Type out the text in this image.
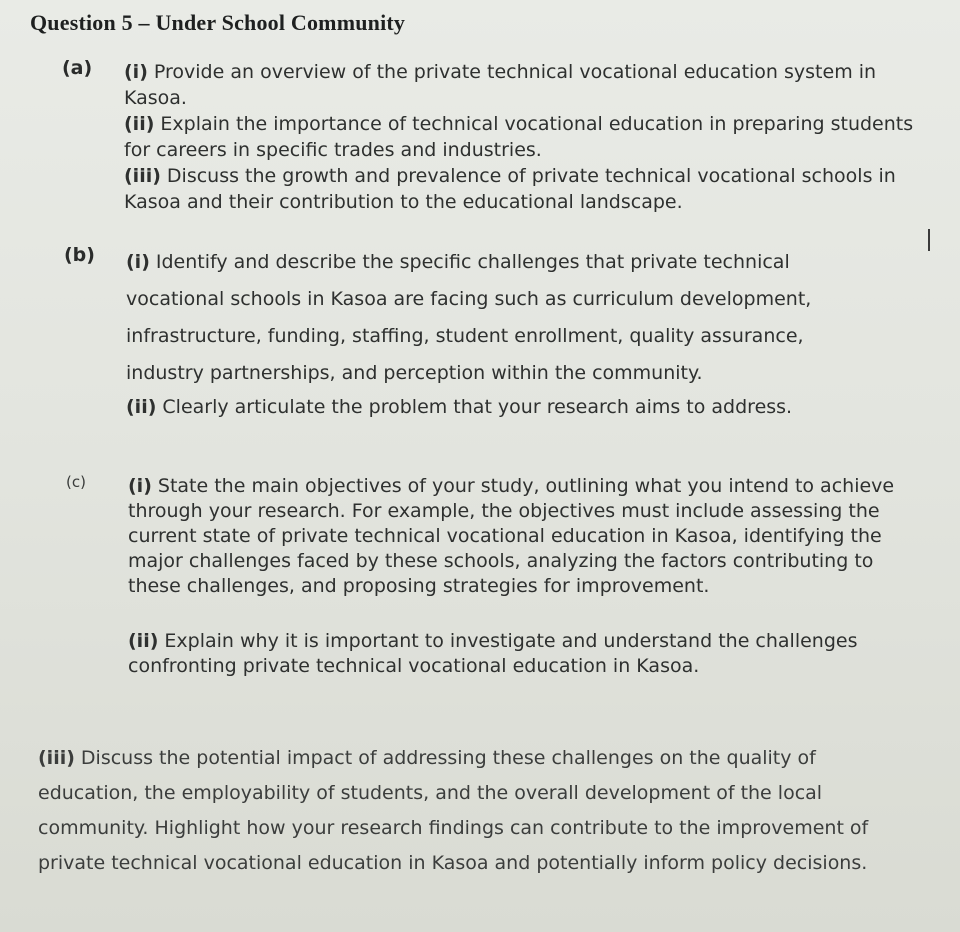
Question 5 – Under School Community
(a) (i) Provide an overview of the private technical vocational education system in Kasoa.

(ii) Explain the importance of technical vocational education in preparing students for careers in specific trades and industries.

(iii) Discuss the growth and prevalence of private technical vocational schools in Kasoa and their contribution to the educational landscape.

(b) (i) Identify and describe the specific challenges that private technical vocational schools in Kasoa are facing such as curriculum development, infrastructure, funding, staffing, student enrollment, quality assurance, industry partnerships, and perception within the community.

(ii) Clearly articulate the problem that your research aims to address.

(c) (i) State the main objectives of your study, outlining what you intend to achieve through your research. For example, the objectives must include assessing the current state of private technical vocational education in Kasoa, identifying the major challenges faced by these schools, analyzing the factors contributing to these challenges, and proposing strategies for improvement.

(ii) Explain why it is important to investigate and understand the challenges confronting private technical vocational education in Kasoa.

(iii) Discuss the potential impact of addressing these challenges on the quality of education, the employability of students, and the overall development of the local community. Highlight how your research findings can contribute to the improvement of private technical vocational education in Kasoa and potentially inform policy decisions.
